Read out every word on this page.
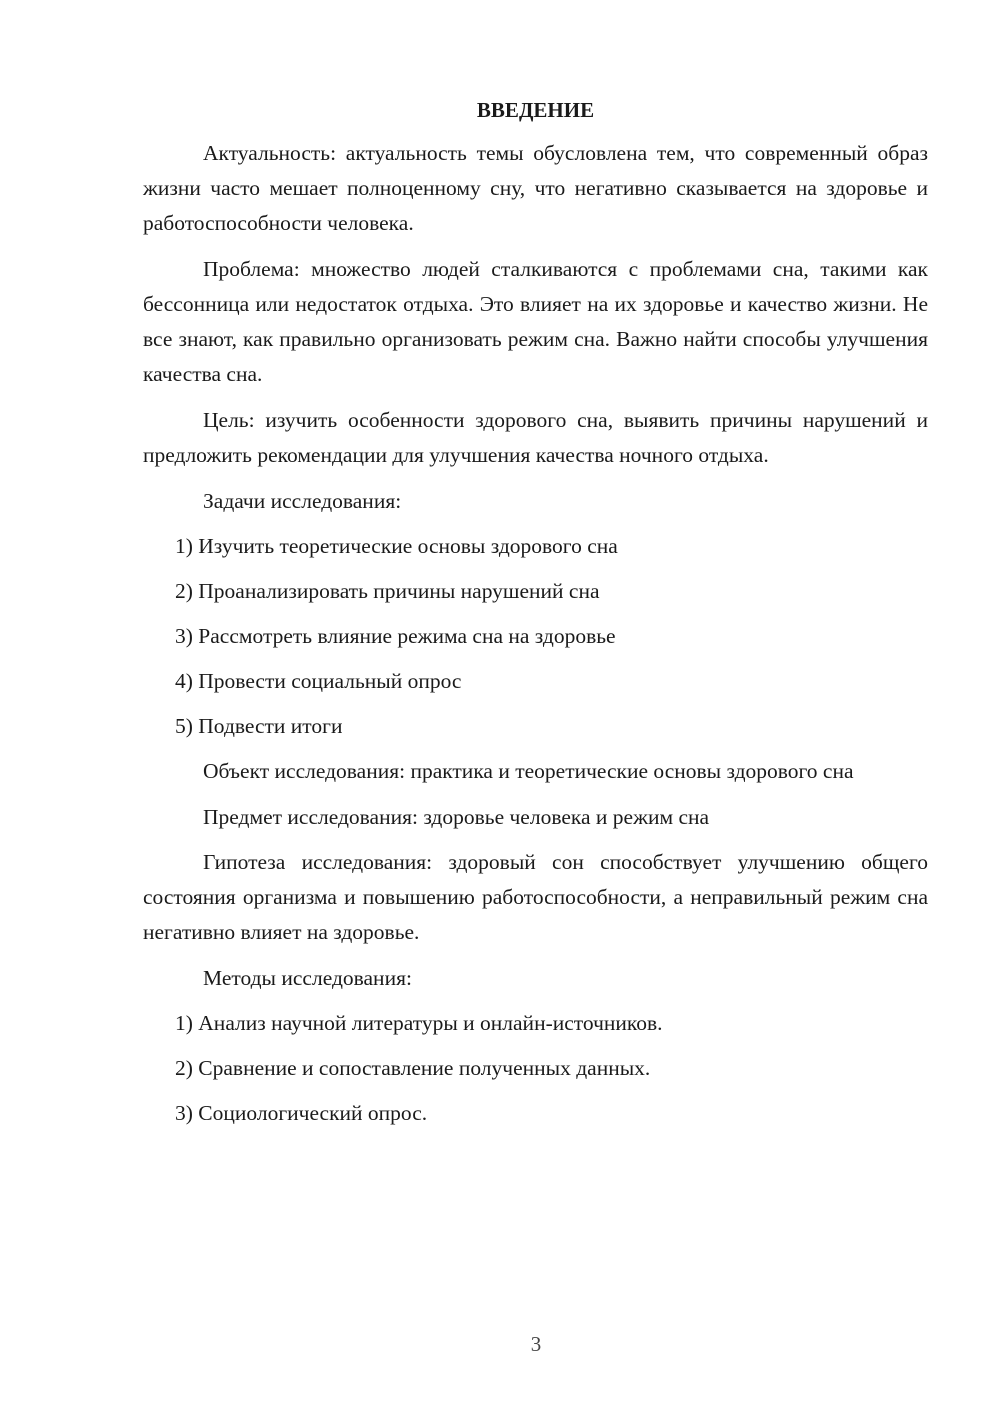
ВВЕДЕНИЕ

Актуальность: актуальность темы обусловлена тем, что современный образ жизни часто мешает полноценному сну, что негативно сказывается на здоровье и работоспособности человека.

Проблема: множество людей сталкиваются с проблемами сна, такими как бессонница или недостаток отдыха. Это влияет на их здоровье и качество жизни. Не все знают, как правильно организовать режим сна. Важно найти способы улучшения качества сна.

Цель: изучить особенности здорового сна, выявить причины нарушений и предложить рекомендации для улучшения качества ночного отдыха.

Задачи исследования:

1) Изучить теоретические основы здорового сна
2) Проанализировать причины нарушений сна
3) Рассмотреть влияние режима сна на здоровье
4) Провести социальный опрос
5) Подвести итоги

Объект исследования: практика и теоретические основы здорового сна

Предмет исследования: здоровье человека и режим сна

Гипотеза исследования: здоровый сон способствует улучшению общего состояния организма и повышению работоспособности, а неправильный режим сна негативно влияет на здоровье.

Методы исследования:

1) Анализ научной литературы и онлайн-источников.
2) Сравнение и сопоставление полученных данных.
3) Социологический опрос.
3
